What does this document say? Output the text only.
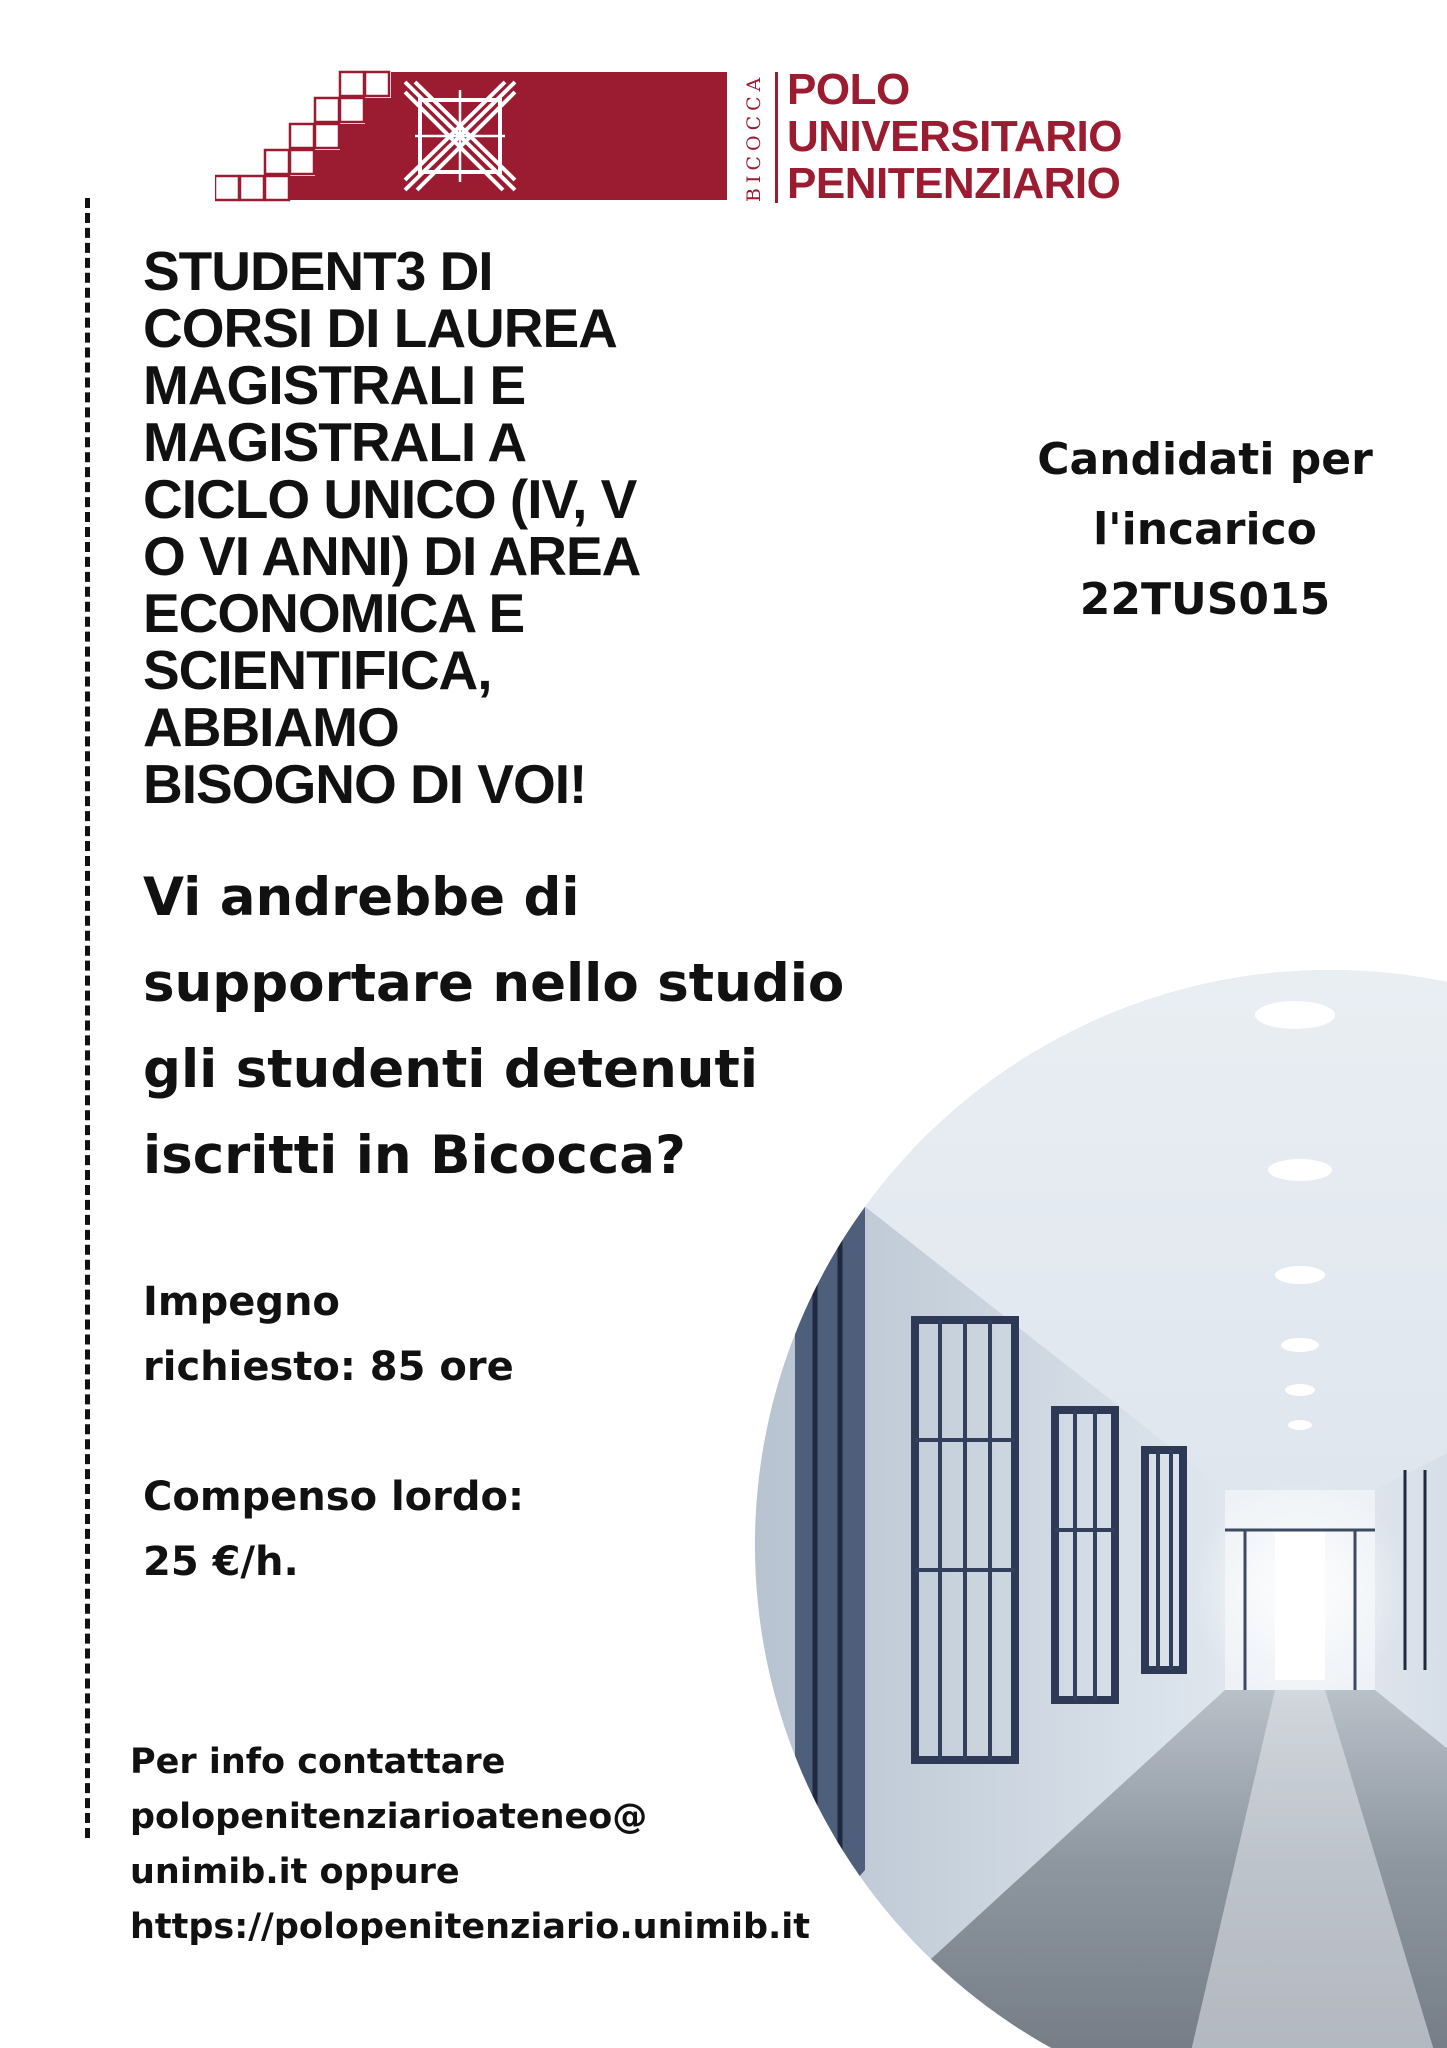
BICOCCA POLO
UNIVERSITARIO
PENITENZIARIO
STUDENT3 DI
CORSI DI LAUREA
MAGISTRALI E
MAGISTRALI A
CICLO UNICO (IV, V
O VI ANNI) DI AREA
ECONOMICA E
SCIENTIFICA,
ABBIAMO
BISOGNO DI VOI!
Candidati per
l'incarico
22TUS015
Vi andrebbe di
supportare nello studio
gli studenti detenuti
iscritti in Bicocca?
Impegno
richiesto: 85 ore
Compenso lordo:
25 €/h.
Per info contattare
polopenitenziarioateneo@
unimib.it oppure
https://polopenitenziario.unimib.it
